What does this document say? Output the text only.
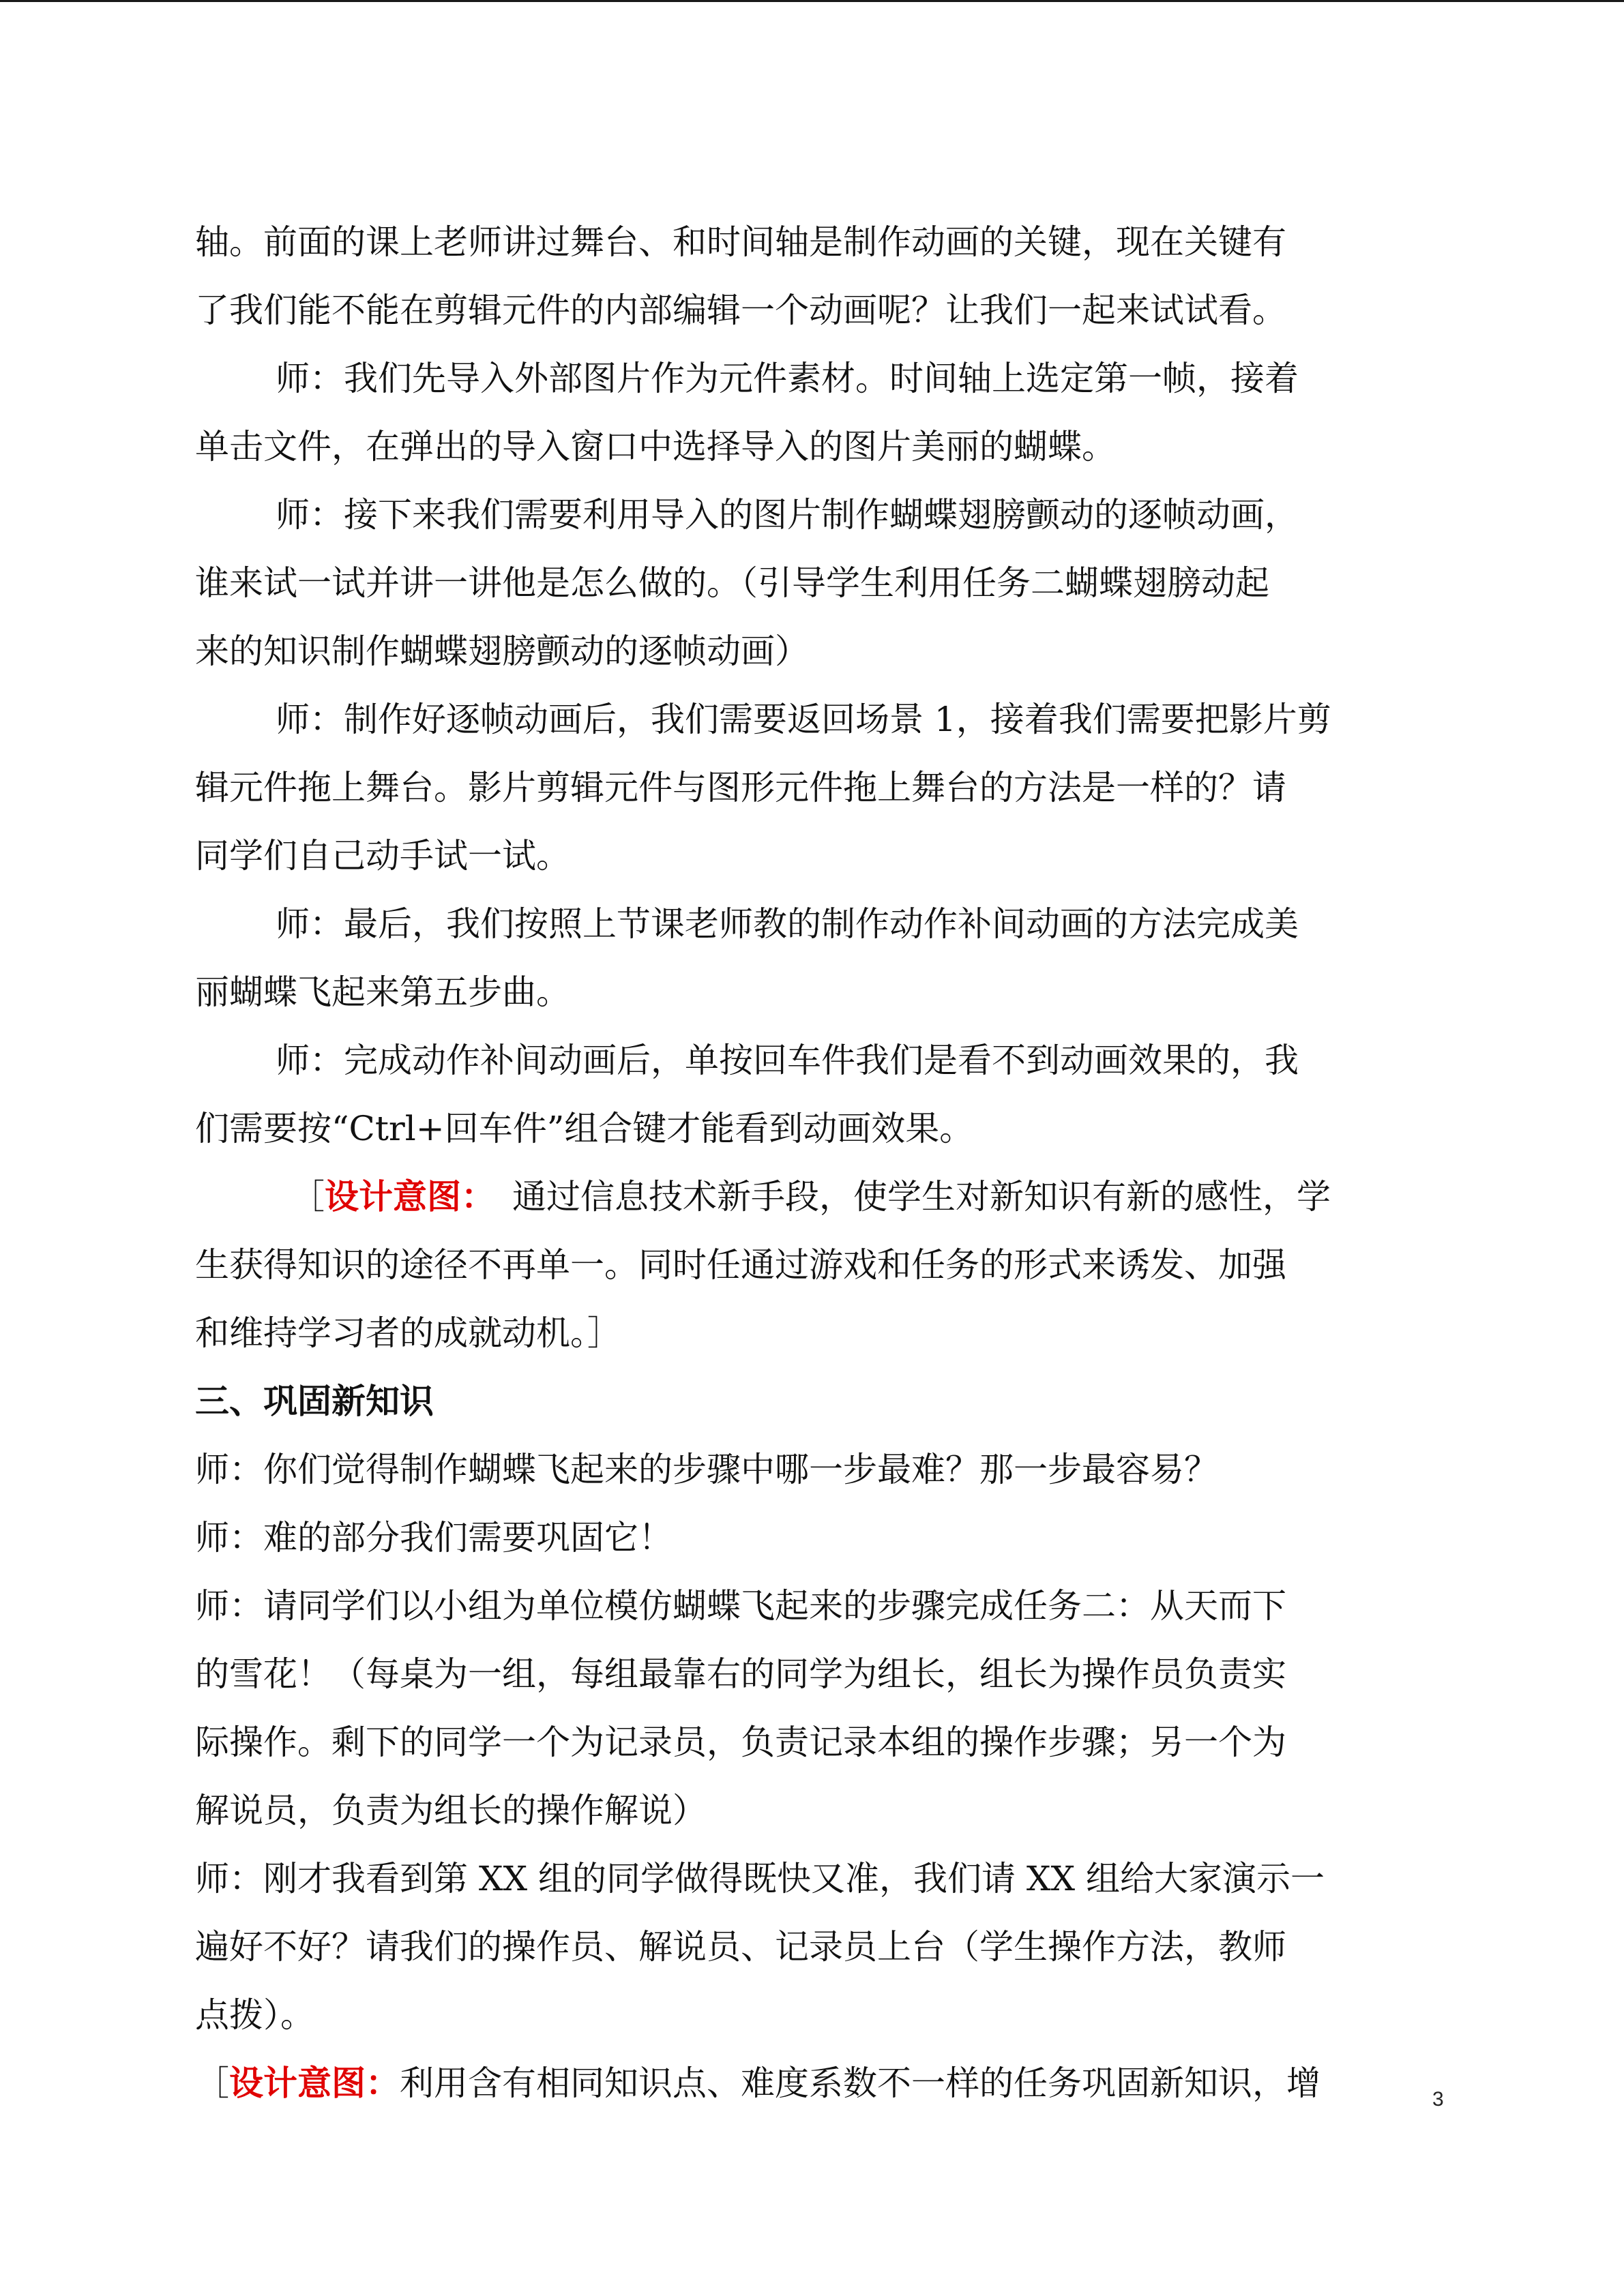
轴。前面的课上老师讲过舞台、和时间轴是制作动画的关键，现在关键有

了我们能不能在剪辑元件的内部编辑一个动画呢？让我们一起来试试看。

师：我们先导入外部图片作为元件素材。时间轴上选定第一帧，接着

单击文件，在弹出的导入窗口中选择导入的图片美丽的蝴蝶。

师：接下来我们需要利用导入的图片制作蝴蝶翅膀颤动的逐帧动画，

谁来试一试并讲一讲他是怎么做的。（引导学生利用任务二蝴蝶翅膀动起

来的知识制作蝴蝶翅膀颤动的逐帧动画）

师：制作好逐帧动画后，我们需要返回场景 1，接着我们需要把影片剪

辑元件拖上舞台。影片剪辑元件与图形元件拖上舞台的方法是一样的？请

同学们自己动手试一试。

师：最后，我们按照上节课老师教的制作动作补间动画的方法完成美

丽蝴蝶飞起来第五步曲。

师：完成动作补间动画后，单按回车件我们是看不到动画效果的，我

们需要按“Ctrl+回车件”组合键才能看到动画效果。

［设计意图：　通过信息技术新手段，使学生对新知识有新的感性，学

生获得知识的途径不再单一。同时任通过游戏和任务的形式来诱发、加强

和维持学习者的成就动机。］

三、巩固新知识

师：你们觉得制作蝴蝶飞起来的步骤中哪一步最难？那一步最容易？

师：难的部分我们需要巩固它！

师：请同学们以小组为单位模仿蝴蝶飞起来的步骤完成任务二：从天而下

的雪花！（每桌为一组，每组最靠右的同学为组长，组长为操作员负责实

际操作。剩下的同学一个为记录员，负责记录本组的操作步骤；另一个为

解说员，负责为组长的操作解说）

师：刚才我看到第 XX 组的同学做得既快又准，我们请 XX 组给大家演示一

遍好不好？请我们的操作员、解说员、记录员上台（学生操作方法，教师

点拨）。

［设计意图：利用含有相同知识点、难度系数不一样的任务巩固新知识，增	3
